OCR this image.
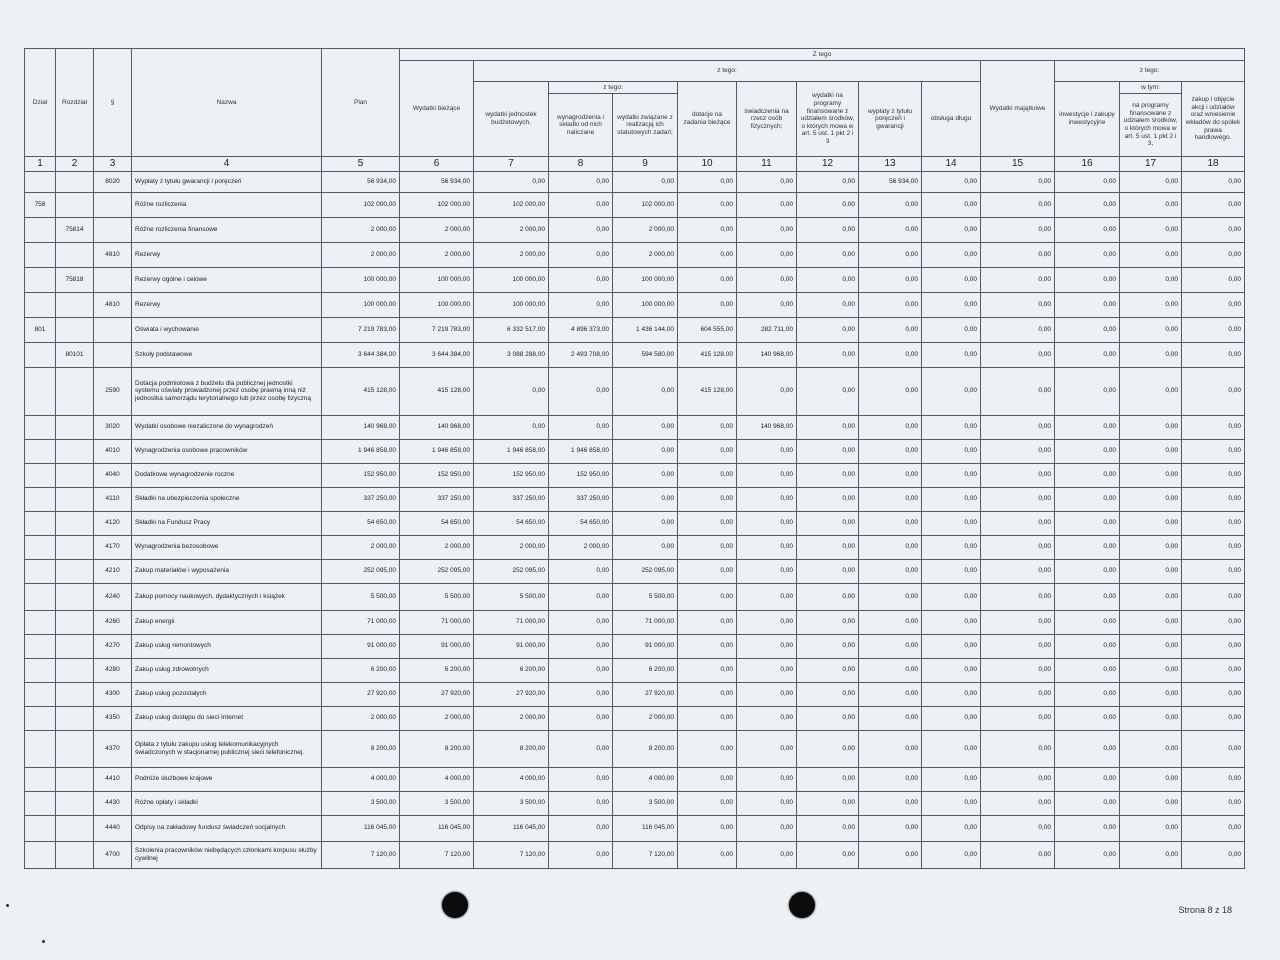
Dział	Rozdział	§	Nazwa	Plan	Z tego												
					Wydatki bieżące	z tego:								Wydatki majątkowe	z tego:		
						wydatki jednostek budżetowych,	z tego:		dotacje na zadania bieżące	świadczenia na rzecz osób fizycznych;	wydatki na programy finansowane z udziałem środków, o których mowa w art. 5 ust. 1 pkt 2 i 3	wypłaty z tytułu poręczeń i gwarancji	obsługa długu		inwestycje i zakupy inwestycyjne	w tym:	zakup i objęcie akcji i udziałów oraz wniesienie wkładów do spółek prawa handlowego.
							wynagrodzenia i składki od nich naliczane	wydatki związane z realizacją ich statutowych zadań;								na programy finansowane z udziałem środków, o których mowa w art. 5 ust. 1 pkt 2 i 3,	
1	2	3	4	5	6	7	8	9	10	11	12	13	14	15	16	17	18
		8020	Wypłaty z tytułu gwarancji i poręczeń	56 934,00	56 934,00	0,00	0,00	0,00	0,00	0,00	0,00	56 934,00	0,00	0,00	0,00	0,00	0,00
758			Różne rozliczenia	102 000,00	102 000,00	102 000,00	0,00	102 000,00	0,00	0,00	0,00	0,00	0,00	0,00	0,00	0,00	0,00
	75814		Różne rozliczenia finansowe	2 000,00	2 000,00	2 000,00	0,00	2 000,00	0,00	0,00	0,00	0,00	0,00	0,00	0,00	0,00	0,00
		4810	Rezerwy	2 000,00	2 000,00	2 000,00	0,00	2 000,00	0,00	0,00	0,00	0,00	0,00	0,00	0,00	0,00	0,00
	75818		Rezerwy ogólne i celowe	100 000,00	100 000,00	100 000,00	0,00	100 000,00	0,00	0,00	0,00	0,00	0,00	0,00	0,00	0,00	0,00
		4810	Rezerwy	100 000,00	100 000,00	100 000,00	0,00	100 000,00	0,00	0,00	0,00	0,00	0,00	0,00	0,00	0,00	0,00
801			Oświata i wychowanie	7 219 783,00	7 219 783,00	6 332 517,00	4 896 373,00	1 436 144,00	604 555,00	282 711,00	0,00	0,00	0,00	0,00	0,00	0,00	0,00
	80101		Szkoły podstawowe	3 644 384,00	3 644 384,00	3 088 288,00	2 493 708,00	594 580,00	415 128,00	140 968,00	0,00	0,00	0,00	0,00	0,00	0,00	0,00
		2590	Dotacja podmiotowa z budżetu dla publicznej jednostki systemu oświaty prowadzonej przez osobę prawną inną niż jednostka samorządu terytorialnego lub przez osobę fizyczną	415 128,00	415 128,00	0,00	0,00	0,00	415 128,00	0,00	0,00	0,00	0,00	0,00	0,00	0,00	0,00
		3020	Wydatki osobowe niezaliczone do wynagrodzeń	140 968,00	140 968,00	0,00	0,00	0,00	0,00	140 968,00	0,00	0,00	0,00	0,00	0,00	0,00	0,00
		4010	Wynagrodzenia osobowe pracowników	1 946 858,00	1 946 858,00	1 946 858,00	1 946 858,00	0,00	0,00	0,00	0,00	0,00	0,00	0,00	0,00	0,00	0,00
		4040	Dodatkowe wynagrodzenie roczne	152 950,00	152 950,00	152 950,00	152 950,00	0,00	0,00	0,00	0,00	0,00	0,00	0,00	0,00	0,00	0,00
		4110	Składki na ubezpieczenia społeczne	337 250,00	337 250,00	337 250,00	337 250,00	0,00	0,00	0,00	0,00	0,00	0,00	0,00	0,00	0,00	0,00
		4120	Składki na Fundusz Pracy	54 650,00	54 650,00	54 650,00	54 650,00	0,00	0,00	0,00	0,00	0,00	0,00	0,00	0,00	0,00	0,00
		4170	Wynagrodzenia bezosobowe	2 000,00	2 000,00	2 000,00	2 000,00	0,00	0,00	0,00	0,00	0,00	0,00	0,00	0,00	0,00	0,00
		4210	Zakup materiałów i wyposażenia	252 095,00	252 095,00	252 095,00	0,00	252 095,00	0,00	0,00	0,00	0,00	0,00	0,00	0,00	0,00	0,00
		4240	Zakup pomocy naukowych, dydaktycznych i książek	5 500,00	5 500,00	5 500,00	0,00	5 500,00	0,00	0,00	0,00	0,00	0,00	0,00	0,00	0,00	0,00
		4260	Zakup energii	71 000,00	71 000,00	71 000,00	0,00	71 000,00	0,00	0,00	0,00	0,00	0,00	0,00	0,00	0,00	0,00
		4270	Zakup usług remontowych	91 000,00	91 000,00	91 000,00	0,00	91 000,00	0,00	0,00	0,00	0,00	0,00	0,00	0,00	0,00	0,00
		4280	Zakup usług zdrowotnych	6 200,00	6 200,00	6 200,00	0,00	6 200,00	0,00	0,00	0,00	0,00	0,00	0,00	0,00	0,00	0,00
		4300	Zakup usług pozostałych	27 920,00	27 920,00	27 920,00	0,00	27 920,00	0,00	0,00	0,00	0,00	0,00	0,00	0,00	0,00	0,00
		4350	Zakup usług dostępu do sieci Internet	2 000,00	2 000,00	2 000,00	0,00	2 000,00	0,00	0,00	0,00	0,00	0,00	0,00	0,00	0,00	0,00
		4370	Opłata z tytułu zakupu usług telekomunikacyjnych świadczonych w stacjonarnej publicznej sieci telefonicznej.	8 200,00	8 200,00	8 200,00	0,00	8 200,00	0,00	0,00	0,00	0,00	0,00	0,00	0,00	0,00	0,00
		4410	Podróże służbowe krajowe	4 000,00	4 000,00	4 000,00	0,00	4 000,00	0,00	0,00	0,00	0,00	0,00	0,00	0,00	0,00	0,00
		4430	Różne opłaty i składki	3 500,00	3 500,00	3 500,00	0,00	3 500,00	0,00	0,00	0,00	0,00	0,00	0,00	0,00	0,00	0,00
		4440	Odpisy na zakładowy fundusz świadczeń socjalnych	116 045,00	116 045,00	116 045,00	0,00	116 045,00	0,00	0,00	0,00	0,00	0,00	0,00	0,00	0,00	0,00
		4700	Szkolenia pracowników niebędących członkami korpusu służby cywilnej	7 120,00	7 120,00	7 120,00	0,00	7 120,00	0,00	0,00	0,00	0,00	0,00	0,00	0,00	0,00	0,00
Strona 8 z 18
